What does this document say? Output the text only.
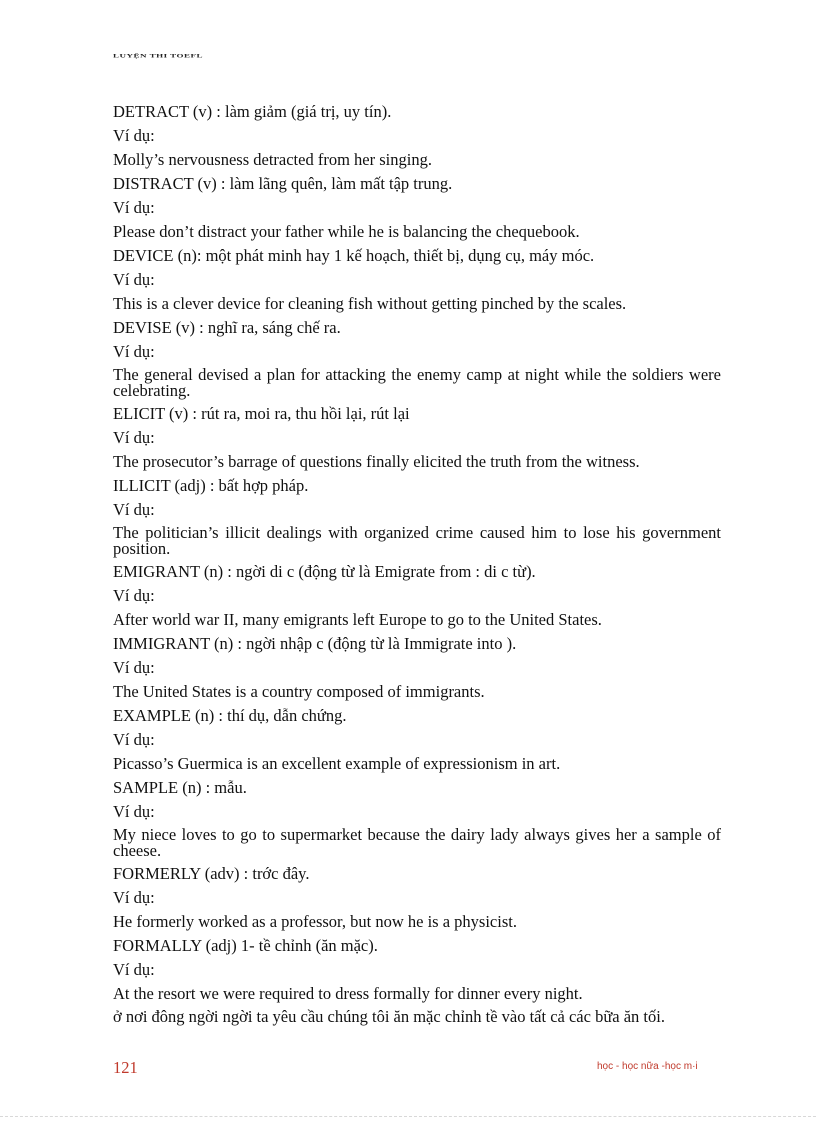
LUYỆN THI TOEFL
DETRACT (v) : làm giảm (giá trị, uy tín).
Ví dụ:
Molly’s nervousness detracted from her singing.
DISTRACT (v) : làm lãng quên, làm mất tập trung.
Ví dụ:
Please don’t distract your father while he is balancing the chequebook.
DEVICE (n): một phát minh hay 1 kế hoạch, thiết bị, dụng cụ, máy móc.
Ví dụ:
This is a clever device for cleaning fish without getting pinched by the scales.
DEVISE (v) : nghĩ ra, sáng chế ra.
Ví dụ:
The general devised a plan for attacking the enemy camp at night while the soldiers were celebrating.
ELICIT (v) : rút ra, moi ra, thu hồi lại, rút lại
Ví dụ:
The prosecutor’s barrage of questions finally elicited the truth from the witness.
ILLICIT (adj) : bất hợp pháp.
Ví dụ:
The politician’s illicit dealings with organized crime caused him to lose his government position.
EMIGRANT (n) : ngời di c (động từ là Emigrate from : di c từ).
Ví dụ:
After world war II, many emigrants left Europe to go to the United States.
IMMIGRANT (n) : ngời nhập c (động từ là Immigrate into ).
Ví dụ:
The United States is a country composed of immigrants.
EXAMPLE (n) : thí dụ, dẫn chứng.
Ví dụ:
Picasso’s Guermica is an excellent example of expressionism in art.
SAMPLE (n) : mẫu.
Ví dụ:
My niece loves to go to supermarket because the dairy lady always gives her a sample of cheese.
FORMERLY (adv) : trớc đây.
Ví dụ:
He formerly worked as a professor, but now he is a physicist.
FORMALLY (adj) 1- tề chỉnh (ăn mặc).
Ví dụ:
At the resort we were required to dress formally for dinner every night.
ở nơi đông ngời ngời ta yêu cầu chúng tôi ăn mặc chỉnh tề vào tất cả các bữa ăn tối.
121	học - học nữa -học m·i
